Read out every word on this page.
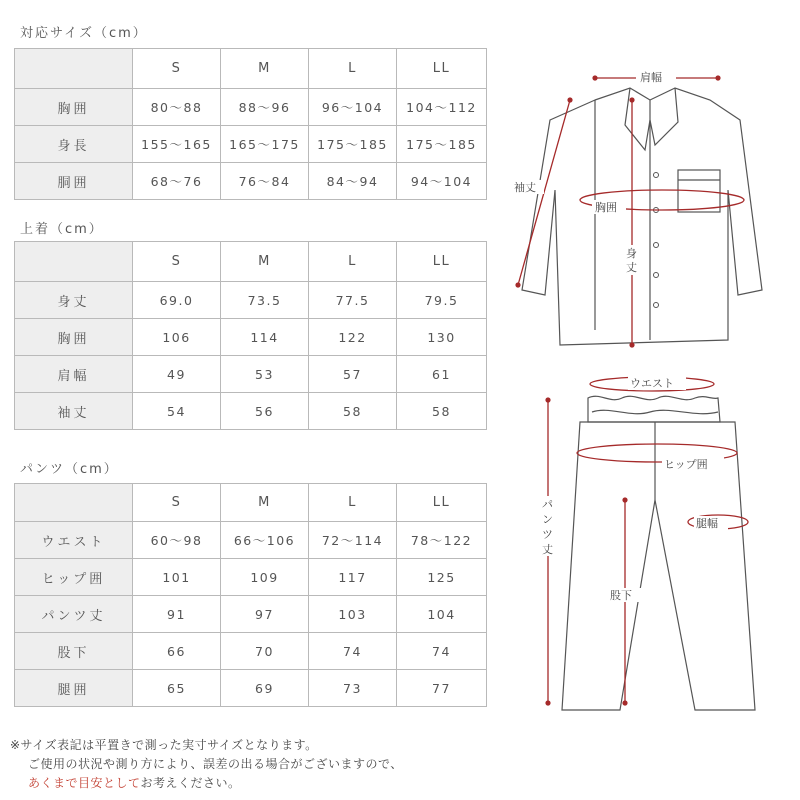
対応サイズ（cm）
	S	M	L	LL
胸囲	80〜88	88〜96	96〜104	104〜112
身長	155〜165	165〜175	175〜185	175〜185
胴囲	68〜76	76〜84	84〜94	94〜104
上着（cm）
	S	M	L	LL
身丈	69.0	73.5	77.5	79.5
胸囲	106	114	122	130
肩幅	49	53	57	61
袖丈	54	56	58	58
パンツ（cm）
	S	M	L	LL
ウエスト	60〜98	66〜106	72〜114	78〜122
ヒップ囲	101	109	117	125
パンツ丈	91	97	103	104
股下	66	70	74	74
腿囲	65	69	73	77
肩幅
袖丈
胸囲
身
丈
ウエスト
ヒップ囲
腿幅
股下
パ
ン
ツ
丈
※サイズ表記は平置きで測った実寸サイズとなります。
ご使用の状況や測り方により、誤差の出る場合がございますので、
あくまで目安としてお考えください。
